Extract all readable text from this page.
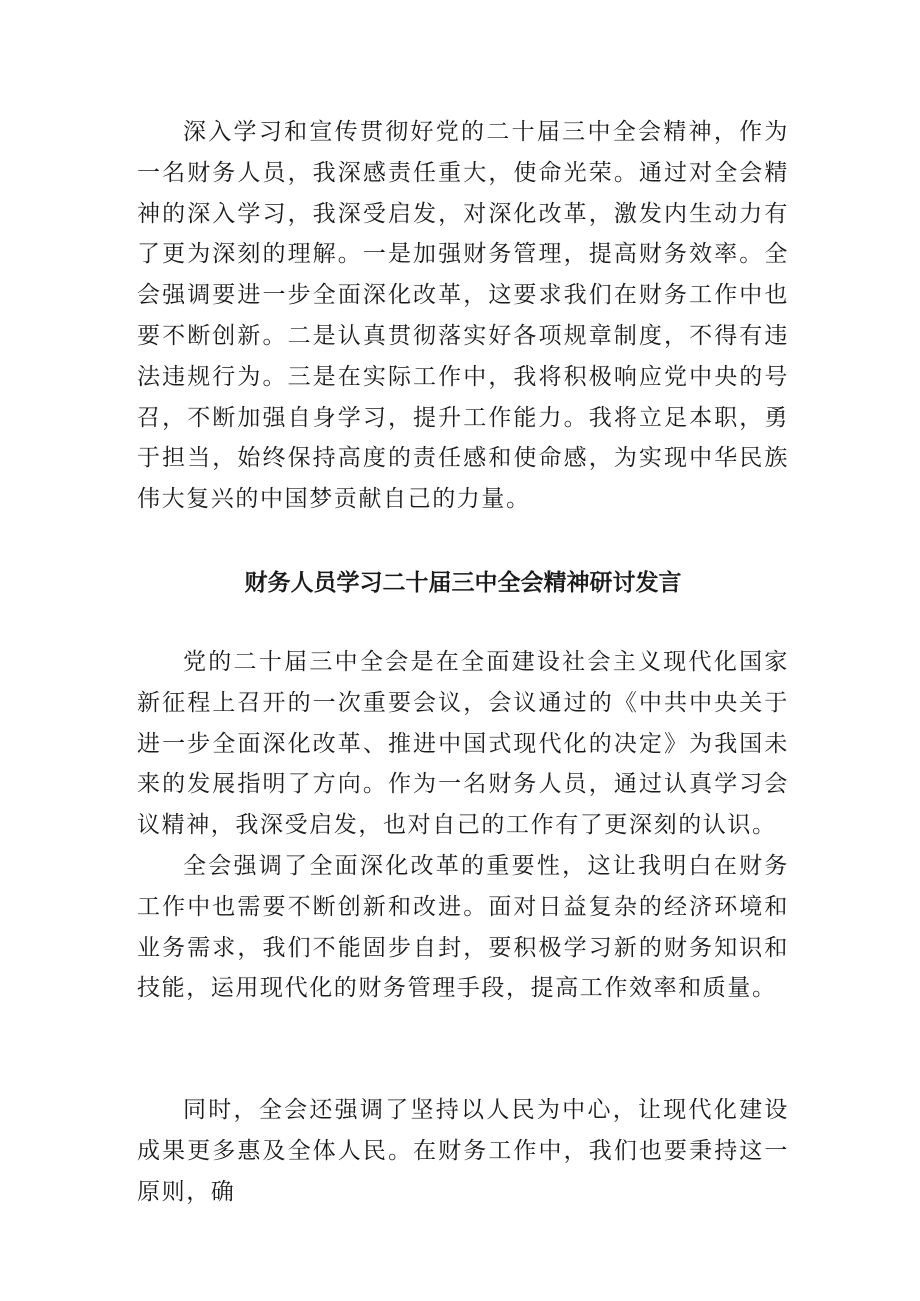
深入学习和宣传贯彻好党的二十届三中全会精神，作为一名财务人员，我深感责任重大，使命光荣。通过对全会精神的深入学习，我深受启发，对深化改革，激发内生动力有了更为深刻的理解。一是加强财务管理，提高财务效率。全会强调要进一步全面深化改革，这要求我们在财务工作中也要不断创新。二是认真贯彻落实好各项规章制度，不得有违法违规行为。三是在实际工作中，我将积极响应党中央的号召，不断加强自身学习，提升工作能力。我将立足本职，勇于担当，始终保持高度的责任感和使命感，为实现中华民族伟大复兴的中国梦贡献自己的力量。

财务人员学习二十届三中全会精神研讨发言

党的二十届三中全会是在全面建设社会主义现代化国家新征程上召开的一次重要会议，会议通过的《中共中央关于进一步全面深化改革、推进中国式现代化的决定》为我国未来的发展指明了方向。作为一名财务人员，通过认真学习会议精神，我深受启发，也对自己的工作有了更深刻的认识。

全会强调了全面深化改革的重要性，这让我明白在财务工作中也需要不断创新和改进。面对日益复杂的经济环境和业务需求，我们不能固步自封，要积极学习新的财务知识和技能，运用现代化的财务管理手段，提高工作效率和质量。

同时，全会还强调了坚持以人民为中心，让现代化建设成果更多惠及全体人民。在财务工作中，我们也要秉持这一原则，确
